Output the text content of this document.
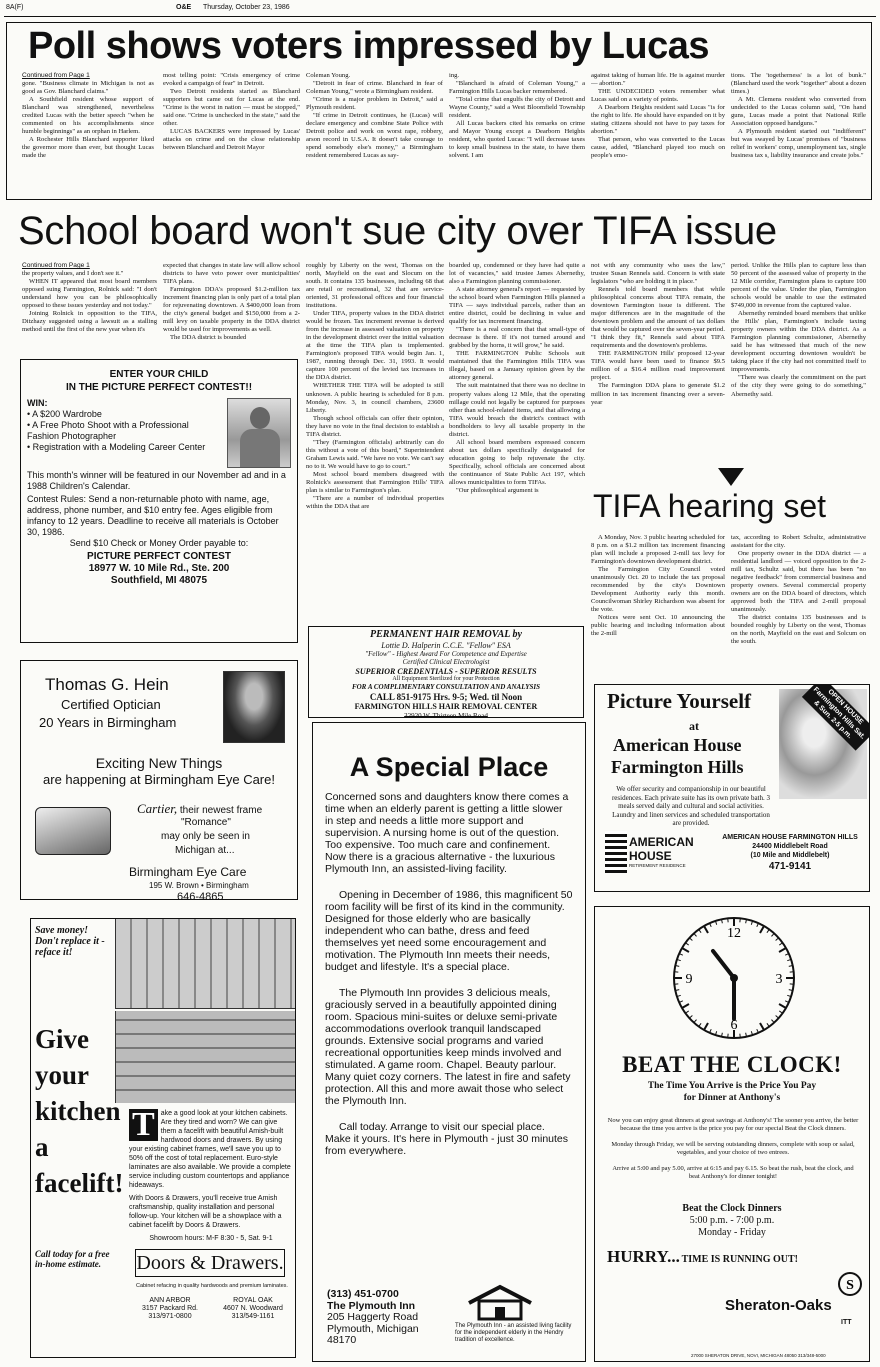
8A(F)	O&E Thursday, October 23, 1986
Poll shows voters impressed by Lucas

Continued from Page 1

gone. "Business climate in Michigan is not as good as Gov. Blanchard claims."

A Southfield resident whose support of Blanchard was strengthened, nevertheless credited Lucas with the better speech "when he commented on his accomplishments since humble beginnings" as an orphan in Harlem.

A Rochester Hills Blanchard supporter liked the governor more than ever, but thought Lucas made the

most telling point: "Crisis emergency of crime evoked a campaign of fear" in Detroit.

Two Detroit residents started as Blanchard supporters but came out for Lucas at the end. "Crime is the worst in nation — must be stopped," said one. "Crime is unchecked in the state," said the other.

LUCAS BACKERS were impressed by Lucas' attacks on crime and on the close relationship between Blanchard and Detroit Mayor

Coleman Young.

"Detroit in fear of crime. Blanchard in fear of Coleman Young," wrote a Birmingham resident.

"Crime is a major problem in Detroit," said a Plymouth resident.

"If crime in Detroit continues, he (Lucas) will declare emergency and combine State Police with Detroit police and work on worst rape, robbery, arson record in U.S.A. It doesn't take courage to spend somebody else's money," a Birmingham resident remembered Lucas as say-

ing.

"Blanchard is afraid of Coleman Young," a Farmington Hills Lucas backer remembered.

"Total crime that engulfs the city of Detroit and Wayne County," said a West Bloomfield Township resident.

All Lucas backers cited his remarks on crime and Mayor Young except a Dearborn Heights resident, who quoted Lucas: "I will decrease taxes to keep small business in the state, to have them solvent. I am

against taking of human life. He is against murder — abortion."

THE UNDECIDED voters remember what Lucas said on a variety of points.

A Dearborn Heights resident said Lucas "is for the right to life. He should have expanded on it by stating citizens should not have to pay taxes for abortion."

That person, who was converted to the Lucas cause, added, "Blanchard played too much on people's emo-

tions. The 'togetherness' is a lot of bunk." (Blanchard used the work "together" about a dozen times.)

A Mt. Clemens resident who converted from undecided to the Lucas column said, "On hand guns, Lucas made a point that National Rifle Association opposed handguns."

A Plymouth resident started out "indifferent" but was swayed by Lucas' promises of "business relief in workers' comp, unemployment tax, single business tax s, liability insurance and create jobs."

School board won't sue city over TIFA issue

Continued from Page 1

the property values, and I don't see it."

WHEN IT appeared that most board members opposed suing Farmington, Rolnick said: "I don't understand how you can be philosophically opposed to these issues yesterday and not today."

Joining Rolnick in opposition to the TIFA, Ditzhazy suggested using a lawsuit as a stalling method until the first of the new year when it's

expected that changes in state law will allow school districts to have veto power over municipalities' TIFA plans.

Farmington DDA's proposed $1.2-million tax increment financing plan is only part of a total plan for rejuvenating downtown. A $400,000 loan from the city's general budget and $150,000 from a 2-mill levy on taxable property in the DDA district would be used for improvements as well.

The DDA district is bounded

roughly by Liberty on the west, Thomas on the north, Mayfield on the east and Slocum on the south. It contains 135 businesses, including 68 that are retail or recreational, 32 that are service-oriented, 31 professional offices and four financial institutions.

Under TIFA, property values in the DDA district would be frozen. Tax increment revenue is derived from the increase in assessed valuation on property in the development district over the initial valuation at the time the TIFA plan is implemented. Farmington's proposed TIFA would begin Jan. 1, 1987, running through Dec. 31, 1993. It would capture 100 percent of the levied tax increases in the DDA district.

WHETHER THE TIFA will be adopted is still unknown. A public hearing is scheduled for 8 p.m. Monday, Nov. 3, in council chambers, 23600 Liberty.

Though school officials can offer their opinion, they have no vote in the final decision to establish a TIFA district.

"They (Farmington officials) arbitrarily can do this without a vote of this board," Superintendent Graham Lewis said. "We have no vote. We can't say no to it. We would have to go to court."

Most school board members disagreed with Rolnick's assessment that Farmington Hills' TIFA plan is similar to Farmington's plan.

"There are a number of individual properties within the DDA that are

boarded up, condemned or they have had quite a lot of vacancies," said trustee James Abernethy, also a Farmington planning commissioner.

A state attorney general's report — requested by the school board when Farmington Hills planned a TIFA — says individual parcels, rather than an entire district, could be declining in value and qualify for tax increment financing.

"There is a real concern that that small-type of decrease is there. If it's not turned around and grabbed by the horns, it will grow," he said.

THE FARMINGTON Public Schools suit maintained that the Farmington Hills TIFA was illegal, based on a January opinion given by the attorney general.

The suit maintained that there was no decline in property values along 12 Mile, that the operating millage could not legally be captured for purposes other than school-related items, and that allowing a TIFA would breach the district's contract with bondholders to levy all taxable property in the district.

All school board members expressed concern about tax dollars specifically designated for education going to help rejuvenate the city. Specifically, school officials are concerned about the continuance of State Public Act 197, which allows municipalities to form TIFAs.

"Our philosophical argument is

not with any community who uses the law," trustee Susan Rennels said. Concern is with state legislators "who are holding it in place."

Rennels told board members that while philosophical concerns about TIFA remain, the downtown Farmington issue is different. The major differences are in the magnitude of the downtown problem and the amount of tax dollars that would be captured over the seven-year period. "I think they fit," Rennels said about TIFA requirements and the downtown's problems.

THE FARMINGTON Hills' proposed 12-year TIFA would have been used to finance $9.5 million of a $16.4 million road improvement project.

The Farmington DDA plans to generate $1.2 million in tax increment financing over a seven-year

period. Unlike the Hills plan to capture less than 50 percent of the assessed value of property in the 12 Mile corridor, Farmington plans to capture 100 percent of the value. Under the plan, Farmington schools would be unable to use the estimated $749,000 in revenue from the captured value.

Abernethy reminded board members that unlike the Hills' plan, Farmington's include taxing property owners within the DDA district. As a Farmington planning commissioner, Abernethy said he has witnessed that much of the new development occurring downtown wouldn't be taking place if the city had not committed itself to improvements.

"There was clearly the commitment on the part of the city they were going to do something," Abernethy said.

ENTER YOUR CHILD
IN THE PICTURE PERFECT CONTEST!!
WIN:
• A $200 Wardrobe
• A Free Photo Shoot with a Professional Fashion Photographer
• Registration with a Modeling Career Center

This month's winner will be featured in our November ad and in a 1988 Children's Calendar.

Contest Rules: Send a non-returnable photo with name, age, address, phone number, and $10 entry fee. Ages eligible from infancy to 12 years. Deadline to receive all materials is October 30, 1986.

Send $10 Check or Money Order payable to:

PICTURE PERFECT CONTEST

18977 W. 10 Mile Rd., Ste. 200

Southfield, MI 48075

PERMANENT HAIR REMOVAL by
Lottie D. Halperin C.C.E. "Fellow" ESA
"Fellow" - Highest Award For Competence and Expertise
Certified Clinical Electrologist
SUPERIOR CREDENTIALS - SUPERIOR RESULTS
All Equipment Sterilized for your Protection
FOR A COMPLIMENTARY CONSULTATION AND ANALYSIS
CALL 851-9175 Hrs. 9-5; Wed. til Noon
FARMINGTON HILLS HAIR REMOVAL CENTER
32920 W. Thirteen Mile Road
TIFA hearing set

A Monday, Nov. 3 public hearing scheduled for 8 p.m. on a $1.2 million tax increment financing plan will include a proposed 2-mill tax levy for Farmington's downtown development district.

The Farmington City Council voted unanimously Oct. 20 to include the tax proposal recommended by the city's Downtown Development Authority early this month. Councilwoman Shirley Richardson was absent for the vote.

Notices were sent Oct. 10 announcing the public hearing and including information about the 2-mill

tax, according to Robert Schultz, administrative assistant for the city.

One property owner in the DDA district — a residential landlord — voiced opposition to the 2-mill tax, Schultz said, but there has been "no negative feedback" from commercial business and property owners. Several commercial property owners are on the DDA board of directors, which approved both the TIFA and 2-mill proposal unanimously.

The district contains 135 businesses and is bounded roughly by Liberty on the west, Thomas on the north, Mayfield on the east and Solcum on the south.

Thomas G. Hein
Certified Optician
20 Years in Birmingham
Exciting New Things
are happening at Birmingham Eye Care!
Cartier, their newest frame
"Romance"
may only be seen in
Michigan at...
Birmingham Eye Care
195 W. Brown • Birmingham
646-4865
Save money!
Don't replace it - reface it!
Give
your
kitchen
a
facelift!
T ake a good look at your kitchen cabinets. Are they tired and worn? We can give them a facelift with beautiful Amish-built hardwood doors and drawers. By using your existing cabinet frames, we'll save you up to 50% off the cost of total replacement. Euro-style laminates are also available. We provide a complete service including custom countertops and appliance hideaways.

With Doors & Drawers, you'll receive true Amish craftsmanship, quality installation and personal follow-up. Your kitchen will be a showplace with a cabinet facelift by Doors & Drawers.

Showroom hours: M-F 8:30 - 5, Sat. 9-1

Call today for a free in-home estimate.	Doors & Drawers.
Cabinet refacing in quality hardwoods and premium laminates.
ANN ARBOR
3157 Packard Rd.
313/971-0800
ROYAL OAK
4607 N. Woodward
313/549-1161
A Special Place

Concerned sons and daughters know there comes a time when an elderly parent is getting a little slower in step and needs a little more support and supervision. A nursing home is out of the question. Too expensive. Too much care and confinement. Now there is a gracious alternative - the luxurious Plymouth Inn, an assisted-living facility.

Opening in December of 1986, this magnificent 50 room facility will be first of its kind in the community. Designed for those elderly who are basically independent who can bathe, dress and feed themselves yet need some encouragement and motivation. The Plymouth Inn meets their needs, budget and lifestyle. It's a special place.

The Plymouth Inn provides 3 delicious meals, graciously served in a beautifully appointed dining room. Spacious mini-suites or deluxe semi-private accommodations overlook tranquil landscaped grounds. Extensive social programs and varied recreational opportunities keep minds involved and stimulated. A game room. Chapel. Beauty parlour. Many quiet cozy corners. The latest in fire and safety protection. All this and more await those who select the Plymouth Inn.

Call today. Arrange to visit our special place. Make it yours. It's here in Plymouth - just 30 minutes from everywhere.

(313) 451-0700
The Plymouth Inn
205 Haggerty Road
Plymouth, Michigan
48170
The Plymouth Inn - an assisted living facility for the independent elderly in the Hendry tradition of excellence.
Picture Yourself
at
American House
Farmington Hills
OPEN HOUSE Farmington Hills Sat. & Sun. 2-5 p.m.

We offer security and companionship in our beautiful residences. Each private suite has its own private bath. 3 meals served daily and cultural and social activities. Laundry and linen services and scheduled transportation are provided.

AMERICAN
HOUSE
RETIREMENT RESIDENCE
AMERICAN HOUSE FARMINGTON HILLS
24400 Middlebelt Road
(10 Mile and Middlebelt)
471-9141
12
3
6
9
BEAT THE CLOCK!
The Time You Arrive is the Price You Pay
for Dinner at Anthony's

Now you can enjoy great dinners at great savings at Anthony's! The sooner you arrive, the better because the time you arrive is the price you pay for our special Beat the Clock dinners.

Monday through Friday, we will be serving outstanding dinners, complete with soup or salad, vegetables, and your choice of two entrees.

Arrive at 5:00 and pay 5.00, arrive at 6:15 and pay 6.15. So beat the rush, beat the clock, and beat Anthony's for dinner tonight!

Beat the Clock Dinners
5:00 p.m. - 7:00 p.m.
Monday - Friday
HURRY... TIME IS RUNNING OUT!
S
Sheraton-Oaks
ITT
27000 SHERATON DRIVE, NOVI, MICHIGAN 48050 313/348-5000
